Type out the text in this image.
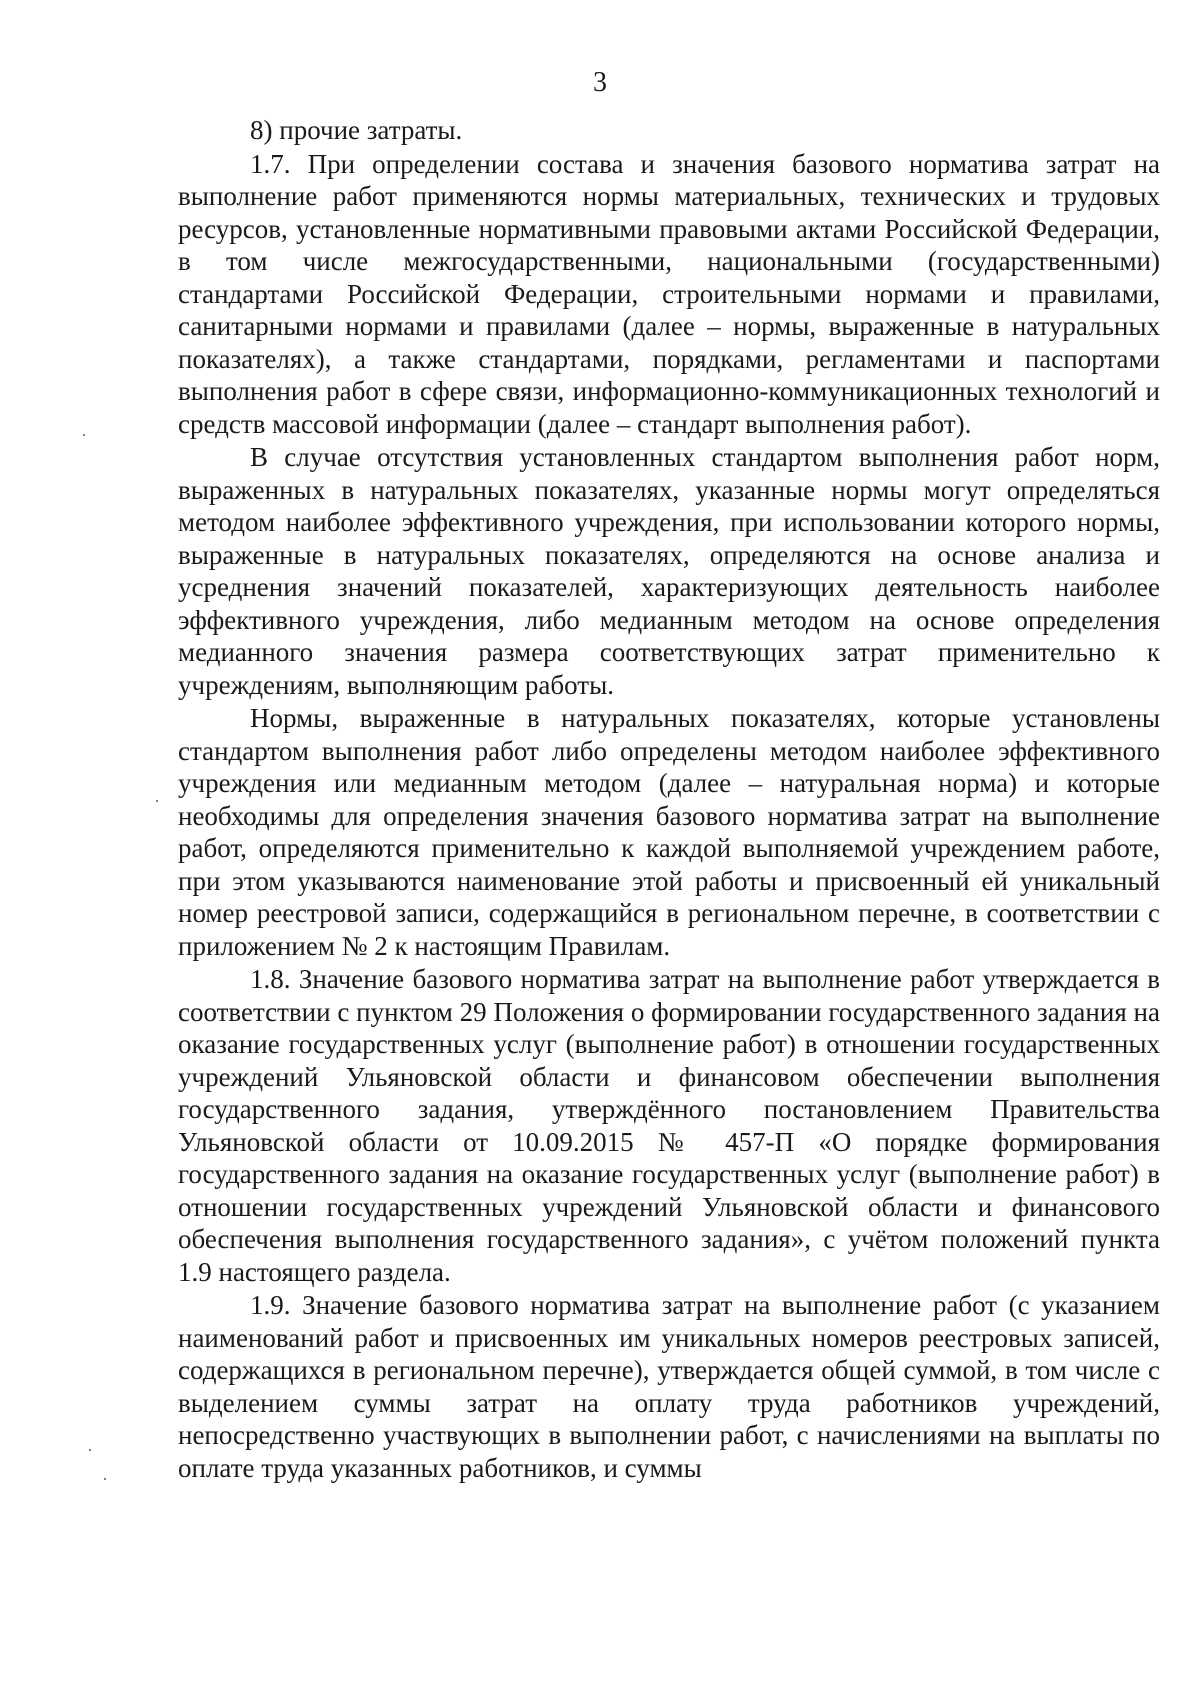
3

8) прочие затраты.

1.7. При определении состава и значения базового норматива затрат на выполнение работ применяются нормы материальных, технических и трудовых ресурсов, установленные нормативными правовыми актами Российской Федерации, в том числе межгосударственными, национальными (государственными) стандартами Российской Федерации, строительными нормами и правилами, санитарными нормами и правилами (далее – нормы, выраженные в натуральных показателях), а также стандартами, порядками, регламентами и паспортами выполнения работ в сфере связи, информационно-коммуникационных технологий и средств массовой информации (далее – стандарт выполнения работ).

В случае отсутствия установленных стандартом выполнения работ норм, выраженных в натуральных показателях, указанные нормы могут определяться методом наиболее эффективного учреждения, при использовании которого нормы, выраженные в натуральных показателях, определяются на основе анализа и усреднения значений показателей, характеризующих деятельность наиболее эффективного учреждения, либо медианным методом на основе определения медианного значения размера соответствующих затрат применительно к учреждениям, выполняющим работы.

Нормы, выраженные в натуральных показателях, которые установлены стандартом выполнения работ либо определены методом наиболее эффективного учреждения или медианным методом (далее – натуральная норма) и которые необходимы для определения значения базового норматива затрат на выполнение работ, определяются применительно к каждой выполняемой учреждением работе, при этом указываются наименование этой работы и присвоенный ей уникальный номер реестровой записи, содержащийся в региональном перечне, в соответствии с приложением № 2 к настоящим Правилам.

1.8. Значение базового норматива затрат на выполнение работ утверждается в соответствии с пунктом 29 Положения о формировании государственного задания на оказание государственных услуг (выполнение работ) в отношении государственных учреждений Ульяновской области и финансовом обеспечении выполнения государственного задания, утверждённого постановлением Правительства Ульяновской области от 10.09.2015 № 457-П «О порядке формирования государственного задания на оказание государственных услуг (выполнение работ) в отношении государственных учреждений Ульяновской области и финансового обеспечения выполнения государственного задания», с учётом положений пункта 1.9 настоящего раздела.

1.9. Значение базового норматива затрат на выполнение работ (с указанием наименований работ и присвоенных им уникальных номеров реестровых записей, содержащихся в региональном перечне), утверждается общей суммой, в том числе с выделением суммы затрат на оплату труда работников учреждений, непосредственно участвующих в выполнении работ, с начислениями на выплаты по оплате труда указанных работников, и суммы
